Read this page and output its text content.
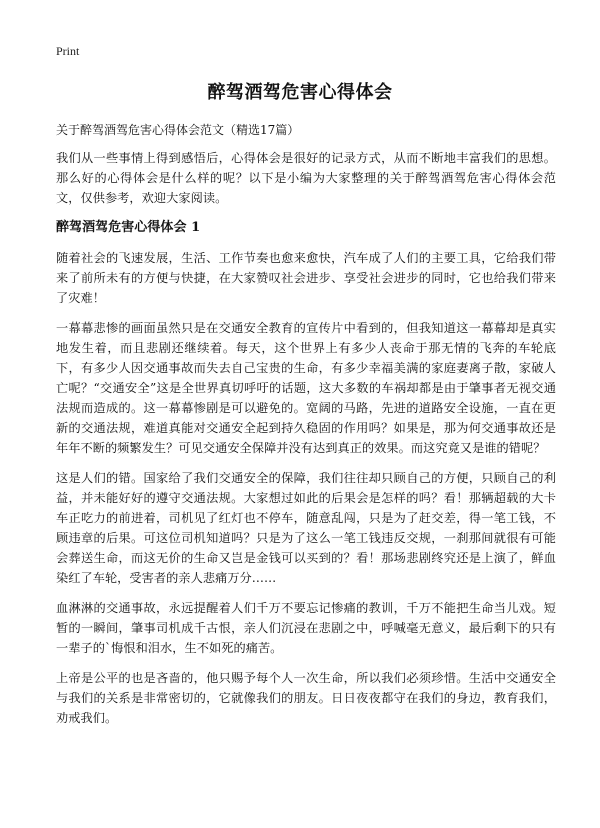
Print
醉驾酒驾危害心得体会

关于醉驾酒驾危害心得体会范文（精选17篇）

我们从一些事情上得到感悟后，心得体会是很好的记录方式，从而不断地丰富我们的思想。那么好的心得体会是什么样的呢？以下是小编为大家整理的关于醉驾酒驾危害心得体会范文，仅供参考，欢迎大家阅读。

醉驾酒驾危害心得体会 1

随着社会的飞速发展，生活、工作节奏也愈来愈快，汽车成了人们的主要工具，它给我们带来了前所未有的方便与快捷，在大家赞叹社会进步、享受社会进步的同时，它也给我们带来了灾难！

一幕幕悲惨的画面虽然只是在交通安全教育的宣传片中看到的，但我知道这一幕幕却是真实地发生着，而且悲剧还继续着。每天，这个世界上有多少人丧命于那无情的飞奔的车轮底下，有多少人因交通事故而失去自己宝贵的生命，有多少幸福美满的家庭妻离子散，家破人亡呢？“交通安全”这是全世界真切呼吁的话题，这大多数的车祸却都是由于肇事者无视交通法规而造成的。这一幕幕惨剧是可以避免的。宽阔的马路，先进的道路安全设施，一直在更新的交通法规，难道真能对交通安全起到持久稳固的作用吗？如果是，那为何交通事故还是年年不断的频繁发生？可见交通安全保障并没有达到真正的效果。而这究竟又是谁的错呢？

这是人们的错。国家给了我们交通安全的保障，我们往往却只顾自己的方便，只顾自己的利益，并未能好好的遵守交通法规。大家想过如此的后果会是怎样的吗？看！那辆超载的大卡车正吃力的前进着，司机见了红灯也不停车，随意乱闯，只是为了赶交差，得一笔工钱，不顾违章的后果。可这位司机知道吗？只是为了这么一笔工钱违反交规，一刹那间就很有可能会葬送生命，而这无价的生命又岂是金钱可以买到的？看！那场悲剧终究还是上演了，鲜血染红了车轮，受害者的亲人悲痛万分……

血淋淋的交通事故，永远提醒着人们千万不要忘记惨痛的教训，千万不能把生命当儿戏。短暂的一瞬间，肇事司机成千古恨，亲人们沉浸在悲剧之中，呼喊毫无意义，最后剩下的只有一辈子的`悔恨和泪水，生不如死的痛苦。

上帝是公平的也是吝啬的，他只赐予每个人一次生命，所以我们必须珍惜。生活中交通安全与我们的关系是非常密切的，它就像我们的朋友。日日夜夜都守在我们的身边，教育我们，劝戒我们。
